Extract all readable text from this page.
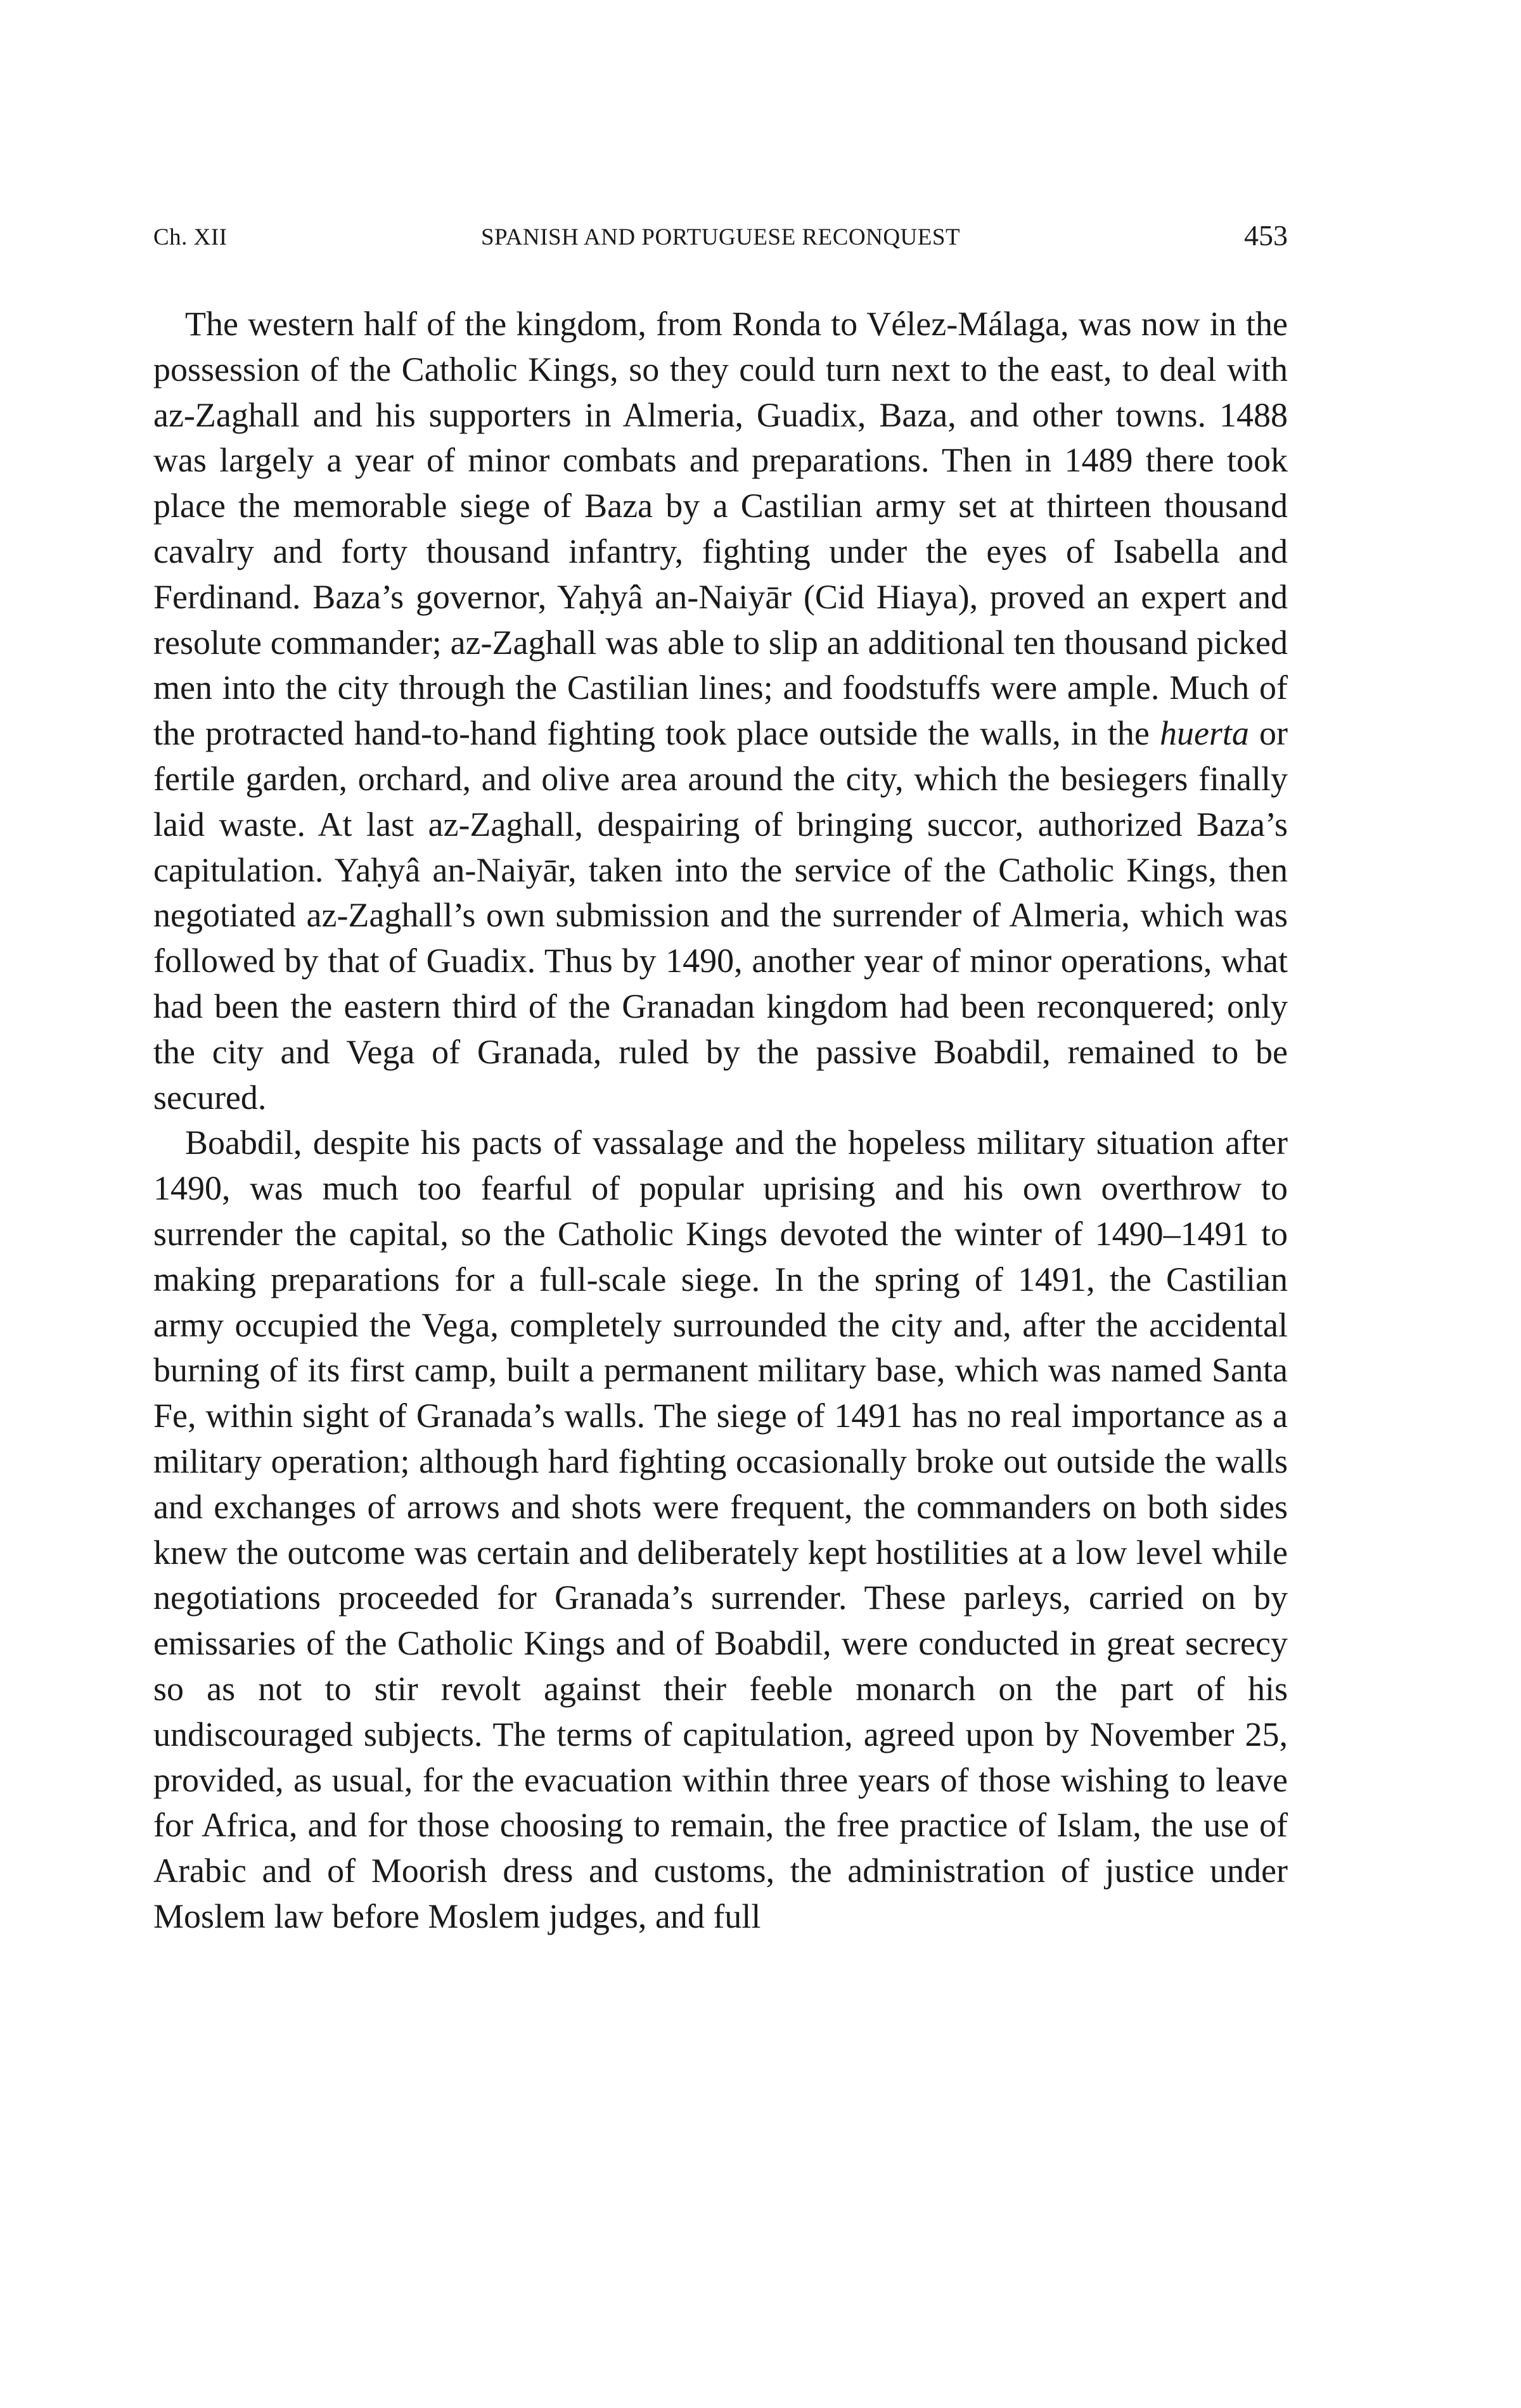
Ch. XII	SPANISH AND PORTUGUESE RECONQUEST	453

The western half of the kingdom, from Ronda to Vélez-Málaga, was now in the possession of the Catholic Kings, so they could turn next to the east, to deal with az-Zaghall and his supporters in Almeria, Guadix, Baza, and other towns. 1488 was largely a year of minor combats and preparations. Then in 1489 there took place the memorable siege of Baza by a Castilian army set at thirteen thousand cavalry and forty thousand infantry, fighting under the eyes of Isabella and Ferdinand. Baza’s governor, Yaḥyâ an-Naiyār (Cid Hiaya), proved an expert and resolute commander; az-Zaghall was able to slip an additional ten thousand picked men into the city through the Castilian lines; and foodstuffs were ample. Much of the protracted hand-to-hand fighting took place outside the walls, in the huerta or fertile garden, orchard, and olive area around the city, which the besiegers finally laid waste. At last az-Zaghall, despairing of bringing succor, authorized Baza’s capitulation. Yaḥyâ an-Naiyār, taken into the service of the Catholic Kings, then negotiated az-Zaghall’s own submission and the surrender of Almeria, which was followed by that of Guadix. Thus by 1490, another year of minor operations, what had been the eastern third of the Granadan kingdom had been reconquered; only the city and Vega of Granada, ruled by the passive Boabdil, remained to be secured.

Boabdil, despite his pacts of vassalage and the hopeless military situation after 1490, was much too fearful of popular uprising and his own overthrow to surrender the capital, so the Catholic Kings devoted the winter of 1490–1491 to making preparations for a full-scale siege. In the spring of 1491, the Castilian army occupied the Vega, completely surrounded the city and, after the accidental burning of its first camp, built a permanent military base, which was named Santa Fe, within sight of Granada’s walls. The siege of 1491 has no real importance as a military operation; although hard fighting occasionally broke out outside the walls and exchanges of arrows and shots were frequent, the commanders on both sides knew the outcome was certain and deliberately kept hostilities at a low level while negotiations proceeded for Granada’s surrender. These parleys, carried on by emissaries of the Catholic Kings and of Boabdil, were conducted in great secrecy so as not to stir revolt against their feeble monarch on the part of his undiscouraged subjects. The terms of capitulation, agreed upon by November 25, provided, as usual, for the evacuation within three years of those wishing to leave for Africa, and for those choosing to remain, the free practice of Islam, the use of Arabic and of Moorish dress and customs, the administration of justice under Moslem law before Moslem judges, and full
